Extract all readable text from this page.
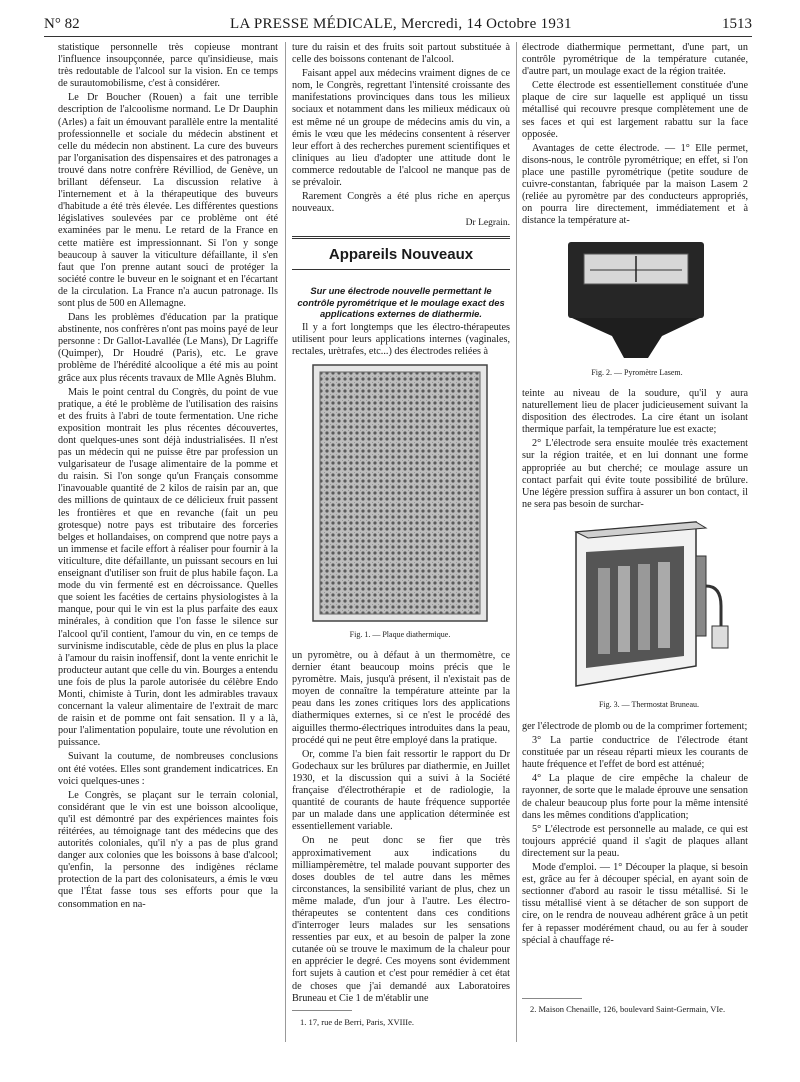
N° 82	LA PRESSE MÉDICALE, Mercredi, 14 Octobre 1931	1513

statistique personnelle très copieuse montrant l'influence insoupçonnée, parce qu'insidieuse, mais très redoutable de l'alcool sur la vision. En ce temps de surautomobilisme, c'est à considérer.

Le Dr Boucher (Rouen) a fait une terrible description de l'alcoolisme normand. Le Dr Dauphin (Arles) a fait un émouvant parallèle entre la mentalité professionnelle et sociale du médecin abstinent et celle du médecin non abstinent. La cure des buveurs par l'organisation des dispensaires et des patronages a trouvé dans notre confrère Révilliod, de Genève, un brillant défenseur. La discussion relative à l'internement et à la thérapeutique des buveurs d'habitude a été très élevée. Les différentes questions législatives soulevées par ce problème ont été examinées par le menu. Le retard de la France en cette matière est impressionnant. Si l'on y songe beaucoup à sauver la viticulture défaillante, il s'en faut que l'on prenne autant souci de protéger la société contre le buveur en le soignant et en l'écartant de la circulation. La France n'a aucun patronage. Ils sont plus de 500 en Allemagne.

Dans les problèmes d'éducation par la pratique abstinente, nos confrères n'ont pas moins payé de leur personne : Dr Gallot-Lavallée (Le Mans), Dr Lagriffe (Quimper), Dr Houdré (Paris), etc. Le grave problème de l'hérédité alcoolique a été mis au point grâce aux plus récents travaux de Mlle Agnès Bluhm.

Mais le point central du Congrès, du point de vue pratique, a été le problème de l'utilisation des raisins et des fruits à l'abri de toute fermentation. Une riche exposition montrait les plus récentes découvertes, dont quelques-unes sont déjà industrialisées. Il n'est pas un médecin qui ne puisse être par profession un vulgarisateur de l'usage alimentaire de la pomme et du raisin. Si l'on songe qu'un Français consomme l'inavouable quantité de 2 kilos de raisin par an, que des millions de quintaux de ce délicieux fruit passent les frontières et que en revanche (fait un peu grotesque) notre pays est tributaire des forceries belges et hollandaises, on comprend que notre pays a un immense et facile effort à réaliser pour fournir à la viticulture, dite défaillante, un puissant secours en lui enseignant d'utiliser son fruit de plus habile façon. La mode du vin fermenté est en décroissance. Quelles que soient les facéties de certains physiologistes à la manque, pour qui le vin est la plus parfaite des eaux minérales, à condition que l'on fasse le silence sur l'alcool qu'il contient, l'amour du vin, en ce temps de survinisme indiscutable, cède de plus en plus la place à l'amour du raisin inoffensif, dont la vente enrichit le producteur autant que celle du vin. Bourges a entendu une fois de plus la parole autorisée du célèbre Endo Monti, chimiste à Turin, dont les admirables travaux concernant la valeur alimentaire de l'extrait de marc de raisin et de pomme ont fait sensation. Il y a là, pour l'alimentation populaire, toute une révolution en puissance.

Suivant la coutume, de nombreuses conclusions ont été votées. Elles sont grandement indicatrices. En voici quelques-unes :

Le Congrès, se plaçant sur le terrain colonial, considérant que le vin est une boisson alcoolique, qu'il est démontré par des expériences maintes fois réitérées, au témoignage tant des médecins que des autorités coloniales, qu'il n'y a pas de plus grand danger aux colonies que les boissons à base d'alcool; qu'enfin, la personne des indigènes réclame protection de la part des colonisateurs, a émis le vœu que l'État fasse tous ses efforts pour que la consommation en na-

ture du raisin et des fruits soit partout substituée à celle des boissons contenant de l'alcool.

Faisant appel aux médecins vraiment dignes de ce nom, le Congrès, regrettant l'intensité croissante des manifestations provinciques dans tous les milieux sociaux et notamment dans les milieux médicaux où est même né un groupe de médecins amis du vin, a émis le vœu que les médecins consentent à réserver leur effort à des recherches purement scientifiques et cliniques au lieu d'adopter une attitude dont le commerce redoutable de l'alcool ne manque pas de se prévaloir.

Rarement Congrès a été plus riche en aperçus nouveaux.

Dr Legrain.

Appareils Nouveaux
Sur une électrode nouvelle permettant le contrôle pyrométrique et le moulage exact des applications externes de diathermie.

Il y a fort longtemps que les électro-thérapeutes utilisent pour leurs applications internes (vaginales, rectales, urètrafes, etc...) des électrodes reliées à

Fig. 1. — Plaque diathermique.

un pyromètre, ou à défaut à un thermomètre, ce dernier étant beaucoup moins précis que le pyromètre. Mais, jusqu'à présent, il n'existait pas de moyen de connaître la température atteinte par la peau dans les zones critiques lors des applications diathermiques externes, si ce n'est le procédé des aiguilles thermo-électriques introduites dans la peau, procédé qui ne peut être employé dans la pratique.

Or, comme l'a bien fait ressortir le rapport du Dr Godechaux sur les brûlures par diathermie, en Juillet 1930, et la discussion qui a suivi à la Société française d'électrothérapie et de radiologie, la quantité de courants de haute fréquence supportée par un malade dans une application déterminée est essentiellement variable.

On ne peut donc se fier que très approximativement aux indications du milliampèremètre, tel malade pouvant supporter des doses doubles de tel autre dans les mêmes circonstances, la sensibilité variant de plus, chez un même malade, d'un jour à l'autre. Les électro-thérapeutes se contentent dans ces conditions d'interroger leurs malades sur les sensations ressenties par eux, et au besoin de palper la zone cutanée où se trouve le maximum de la chaleur pour en apprécier le degré. Ces moyens sont évidemment fort sujets à caution et c'est pour remédier à cet état de choses que j'ai demandé aux Laboratoires Bruneau et Cie 1 de m'établir une

1. 17, rue de Berri, Paris, XVIIIe.

électrode diathermique permettant, d'une part, un contrôle pyrométrique de la température cutanée, d'autre part, un moulage exact de la région traitée.

Cette électrode est essentiellement constituée d'une plaque de cire sur laquelle est appliqué un tissu métallisé qui recouvre presque complètement une de ses faces et qui est largement rabattu sur la face opposée.

Avantages de cette électrode. — 1° Elle permet, disons-nous, le contrôle pyrométrique; en effet, si l'on place une pastille pyrométrique (petite soudure de cuivre-constantan, fabriquée par la maison Lasem 2 (reliée au pyromètre par des conducteurs appropriés, on pourra lire directement, immédiatement et à distance la température at-

Fig. 2. — Pyromètre Lasem.

teinte au niveau de la soudure, qu'il y aura naturellement lieu de placer judicieusement suivant la disposition des électrodes. La cire étant un isolant thermique parfait, la température lue est exacte;

2° L'électrode sera ensuite moulée très exactement sur la région traitée, et en lui donnant une forme appropriée au but cherché; ce moulage assure un contact parfait qui évite toute possibilité de brûlure. Une légère pression suffira à assurer un bon contact, il ne sera pas besoin de surchar-

Fig. 3. — Thermostat Bruneau.

ger l'électrode de plomb ou de la comprimer fortement;

3° La partie conductrice de l'électrode étant constituée par un réseau réparti mieux les courants de haute fréquence et l'effet de bord est atténué;

4° La plaque de cire empêche la chaleur de rayonner, de sorte que le malade éprouve une sensation de chaleur beaucoup plus forte pour la même intensité dans les mêmes conditions d'application;

5° L'électrode est personnelle au malade, ce qui est toujours apprécié quand il s'agit de plaques allant directement sur la peau.

Mode d'emploi. — 1° Découper la plaque, si besoin est, grâce au fer à découper spécial, en ayant soin de sectionner d'abord au rasoir le tissu métallisé. Si le tissu métallisé vient à se détacher de son support de cire, on le rendra de nouveau adhérent grâce à un petit fer à repasser modérément chaud, ou au fer à souder spécial à chauffage ré-

2. Maison Chenaille, 126, boulevard Saint-Germain, VIe.
